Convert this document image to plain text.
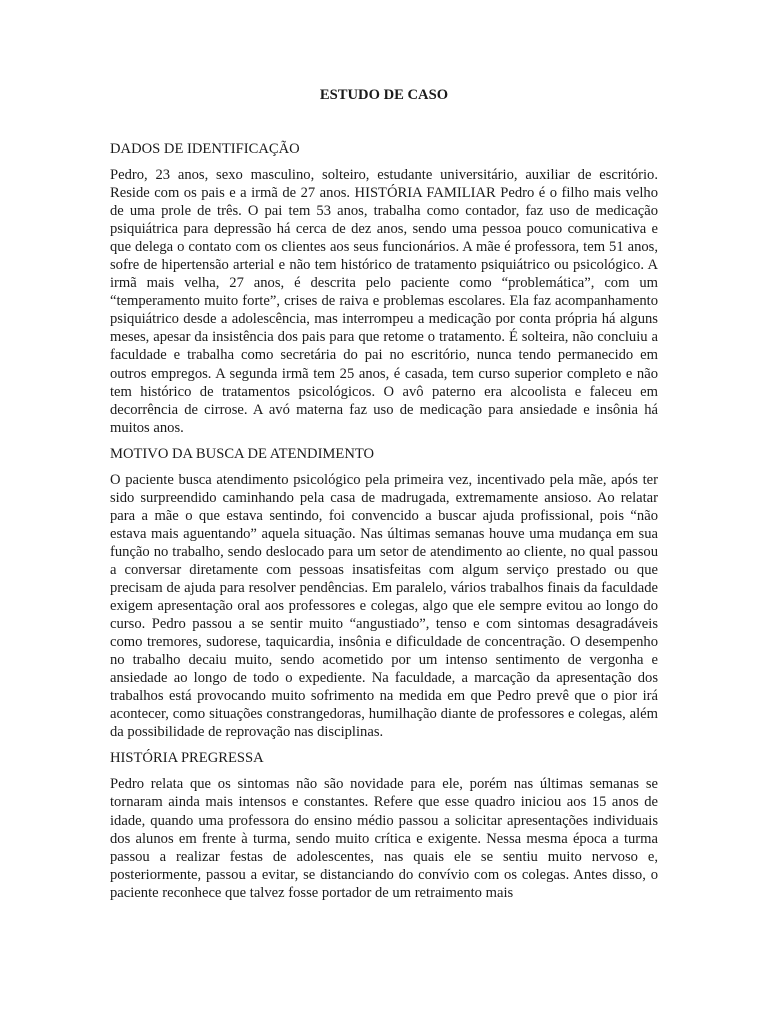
ESTUDO DE CASO

DADOS DE IDENTIFICAÇÃO

Pedro, 23 anos, sexo masculino, solteiro, estudante universitário, auxiliar de escritório. Reside com os pais e a irmã de 27 anos. HISTÓRIA FAMILIAR Pedro é o filho mais velho de uma prole de três. O pai tem 53 anos, trabalha como contador, faz uso de medicação psiquiátrica para depressão há cerca de dez anos, sendo uma pessoa pouco comunicativa e que delega o contato com os clientes aos seus funcionários. A mãe é professora, tem 51 anos, sofre de hipertensão arterial e não tem histórico de tratamento psiquiátrico ou psicológico. A irmã mais velha, 27 anos, é descrita pelo paciente como “problemática”, com um “temperamento muito forte”, crises de raiva e problemas escolares. Ela faz acompanhamento psiquiátrico desde a adolescência, mas interrompeu a medicação por conta própria há alguns meses, apesar da insistência dos pais para que retome o tratamento. É solteira, não concluiu a faculdade e trabalha como secretária do pai no escritório, nunca tendo permanecido em outros empregos. A segunda irmã tem 25 anos, é casada, tem curso superior completo e não tem histórico de tratamentos psicológicos. O avô paterno era alcoolista e faleceu em decorrência de cirrose. A avó materna faz uso de medicação para ansiedade e insônia há muitos anos.

MOTIVO DA BUSCA DE ATENDIMENTO

O paciente busca atendimento psicológico pela primeira vez, incentivado pela mãe, após ter sido surpreendido caminhando pela casa de madrugada, extremamente ansioso. Ao relatar para a mãe o que estava sentindo, foi convencido a buscar ajuda profissional, pois “não estava mais aguentando” aquela situação. Nas últimas semanas houve uma mudança em sua função no trabalho, sendo deslocado para um setor de atendimento ao cliente, no qual passou a conversar diretamente com pessoas insatisfeitas com algum serviço prestado ou que precisam de ajuda para resolver pendências. Em paralelo, vários trabalhos finais da faculdade exigem apresentação oral aos professores e colegas, algo que ele sempre evitou ao longo do curso. Pedro passou a se sentir muito “angustiado”, tenso e com sintomas desagradáveis como tremores, sudorese, taquicardia, insônia e dificuldade de concentração. O desempenho no trabalho decaiu muito, sendo acometido por um intenso sentimento de vergonha e ansiedade ao longo de todo o expediente. Na faculdade, a marcação da apresentação dos trabalhos está provocando muito sofrimento na medida em que Pedro prevê que o pior irá acontecer, como situações constrangedoras, humilhação diante de professores e colegas, além da possibilidade de reprovação nas disciplinas.

HISTÓRIA PREGRESSA

Pedro relata que os sintomas não são novidade para ele, porém nas últimas semanas se tornaram ainda mais intensos e constantes. Refere que esse quadro iniciou aos 15 anos de idade, quando uma professora do ensino médio passou a solicitar apresentações individuais dos alunos em frente à turma, sendo muito crítica e exigente. Nessa mesma época a turma passou a realizar festas de adolescentes, nas quais ele se sentiu muito nervoso e, posteriormente, passou a evitar, se distanciando do convívio com os colegas. Antes disso, o paciente reconhece que talvez fosse portador de um retraimento mais
